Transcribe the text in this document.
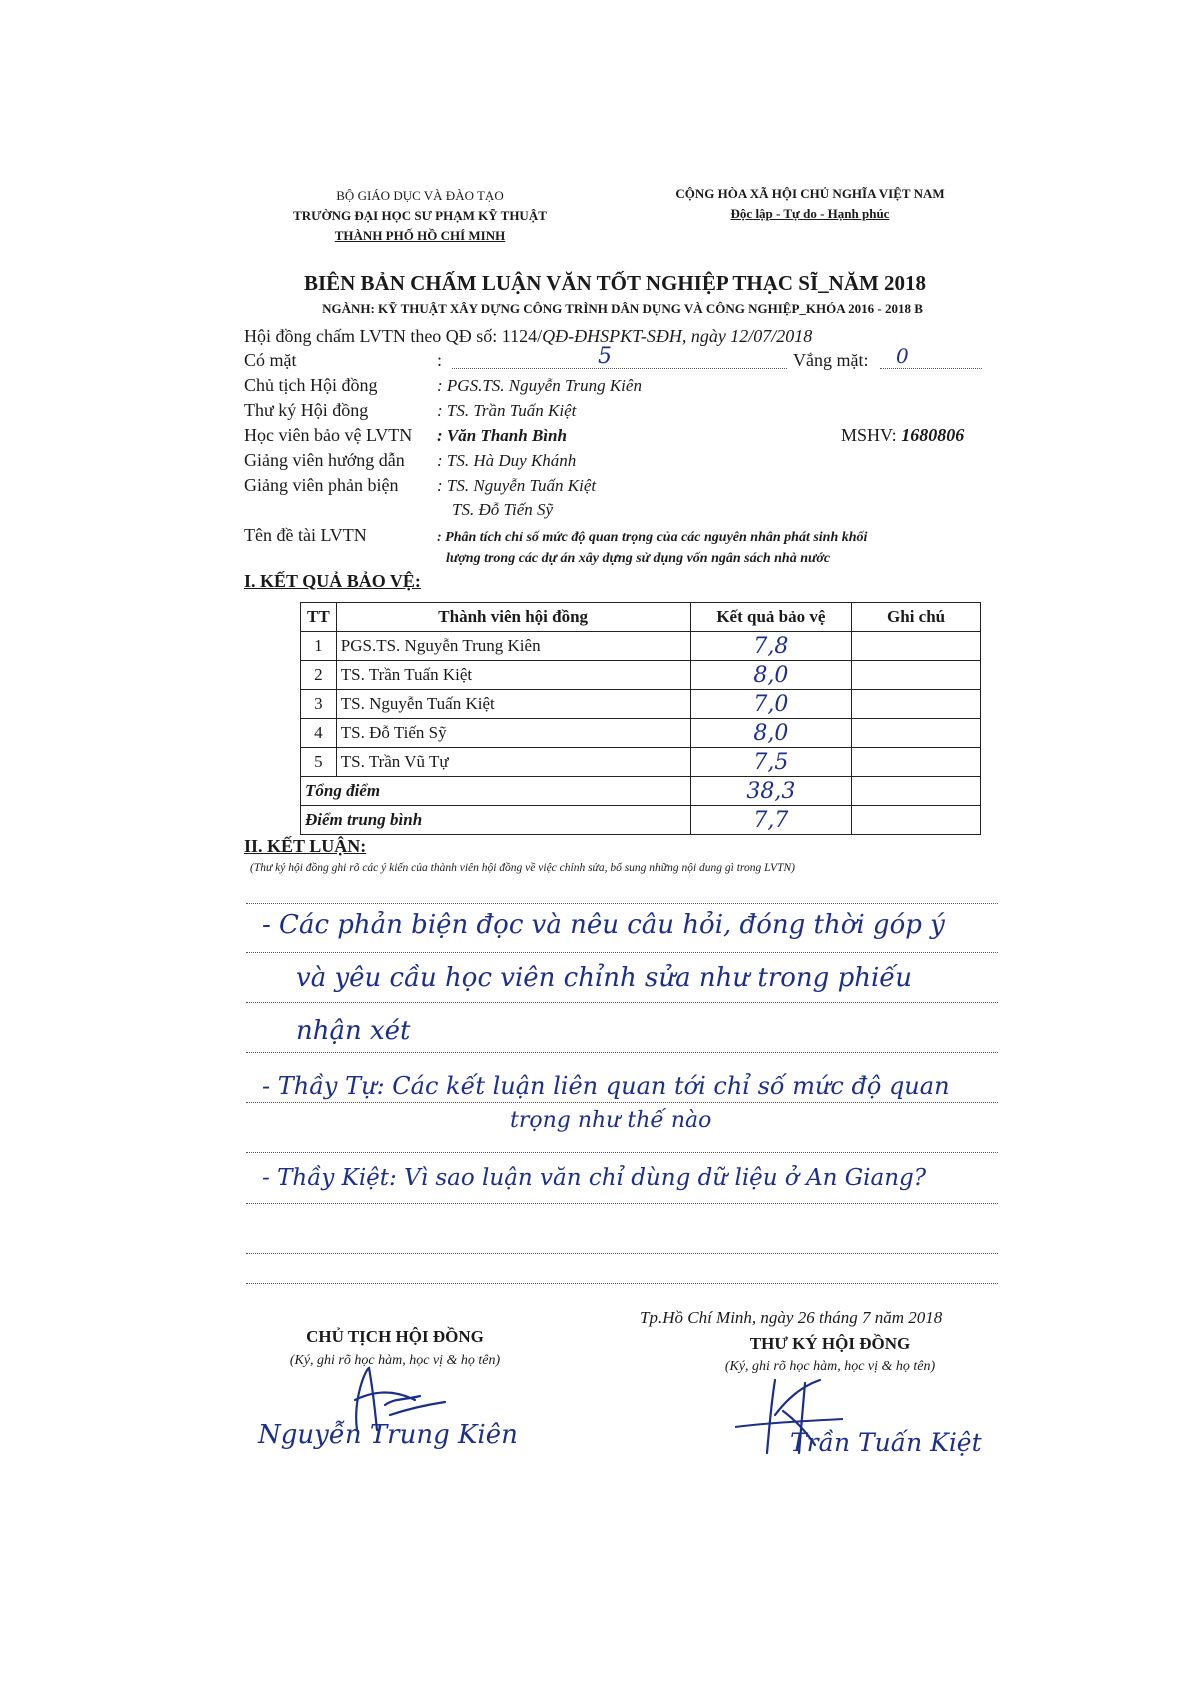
BỘ GIÁO DỤC VÀ ĐÀO TẠO
TRƯỜNG ĐẠI HỌC SƯ PHẠM KỸ THUẬT
THÀNH PHỐ HỒ CHÍ MINH
CỘNG HÒA XÃ HỘI CHỦ NGHĨA VIỆT NAM
Độc lập - Tự do - Hạnh phúc
BIÊN BẢN CHẤM LUẬN VĂN TỐT NGHIỆP THẠC SĨ_NĂM 2018
NGÀNH: KỸ THUẬT XÂY DỰNG CÔNG TRÌNH DÂN DỤNG VÀ CÔNG NGHIỆP_KHÓA 2016 - 2018 B
Hội đồng chấm LVTN theo QĐ số: 1124/QĐ-ĐHSPKT-SĐH, ngày 12/07/2018
Có mặt	:	5	Vắng mặt: 0
Chủ tịch Hội đồng	: PGS.TS. Nguyễn Trung Kiên
Thư ký Hội đồng	: TS. Trần Tuấn Kiệt
Học viên bảo vệ LVTN : Văn Thanh Bình	MSHV: 1680806
Giảng viên hướng dẫn : TS. Hà Duy Khánh
Giảng viên phản biện : TS. Nguyễn Tuấn Kiệt
TS. Đỗ Tiến Sỹ
Tên đề tài LVTN	: Phân tích chỉ số mức độ quan trọng của các nguyên nhân phát sinh khối
lượng trong các dự án xây dựng sử dụng vốn ngân sách nhà nước
I. KẾT QUẢ BẢO VỆ:
TT	Thành viên hội đồng	Kết quả bảo vệ	Ghi chú
1	PGS.TS. Nguyễn Trung Kiên	7,8	
2	TS. Trần Tuấn Kiệt	8,0	
3	TS. Nguyễn Tuấn Kiệt	7,0	
4	TS. Đỗ Tiến Sỹ	8,0	
5	TS. Trần Vũ Tự	7,5	
Tổng điểm		38,3	
Điểm trung bình		7,7	
II. KẾT LUẬN:
(Thư ký hội đồng ghi rõ các ý kiến của thành viên hội đồng về việc chỉnh sửa, bổ sung những nội dung gì trong LVTN)
- Các phản biện đọc và nêu câu hỏi, đóng thời góp ý
và yêu cầu học viên chỉnh sửa như trong phiếu
nhận xét
- Thầy Tự: Các kết luận liên quan tới chỉ số mức độ quan
trọng như thế nào
- Thầy Kiệt: Vì sao luận văn chỉ dùng dữ liệu ở An Giang?
Tp.Hồ Chí Minh, ngày 26 tháng 7 năm 2018
CHỦ TỊCH HỘI ĐỒNG
(Ký, ghi rõ học hàm, học vị & họ tên)
THƯ KÝ HỘI ĐỒNG
(Ký, ghi rõ học hàm, học vị & họ tên)
Nguyễn Trung Kiên	Trần Tuấn Kiệt
